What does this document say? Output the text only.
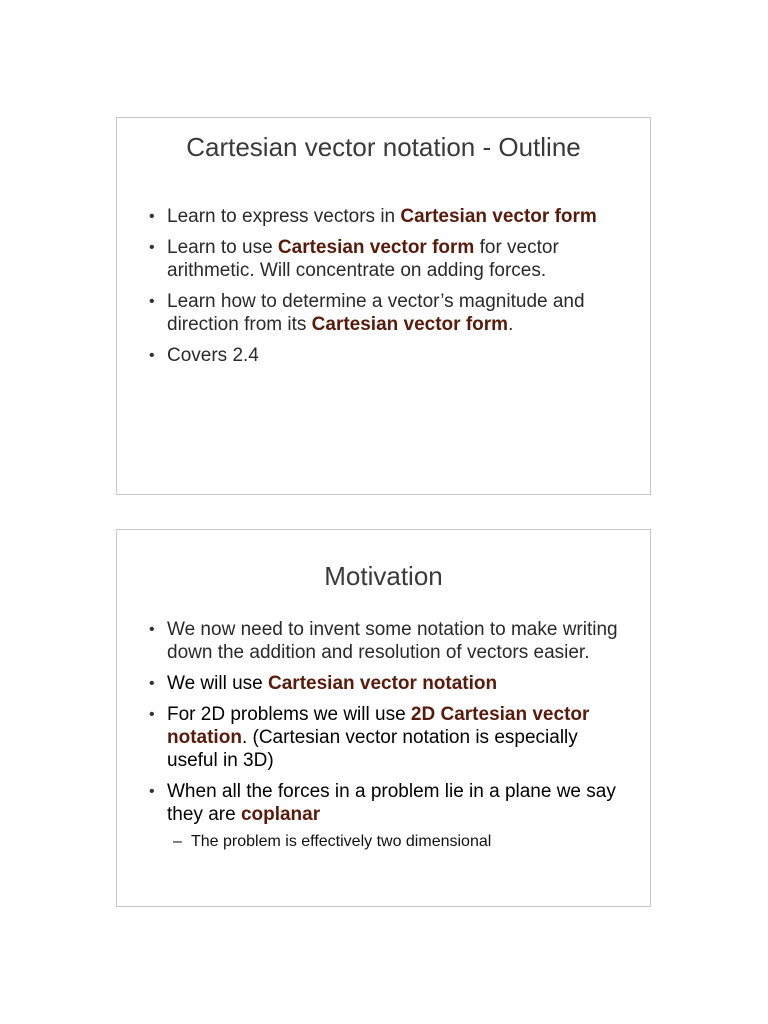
Cartesian vector notation - Outline
• Learn to express vectors in Cartesian vector form
• Learn to use Cartesian vector form for vector arithmetic. Will concentrate on adding forces.
• Learn how to determine a vector’s magnitude and direction from its Cartesian vector form.
• Covers 2.4
Motivation
• We now need to invent some notation to make writing down the addition and resolution of vectors easier.
• We will use Cartesian vector notation
• For 2D problems we will use 2D Cartesian vector notation. (Cartesian vector notation is especially useful in 3D)
• When all the forces in a problem lie in a plane we say they are coplanar
– The problem is effectively two dimensional
